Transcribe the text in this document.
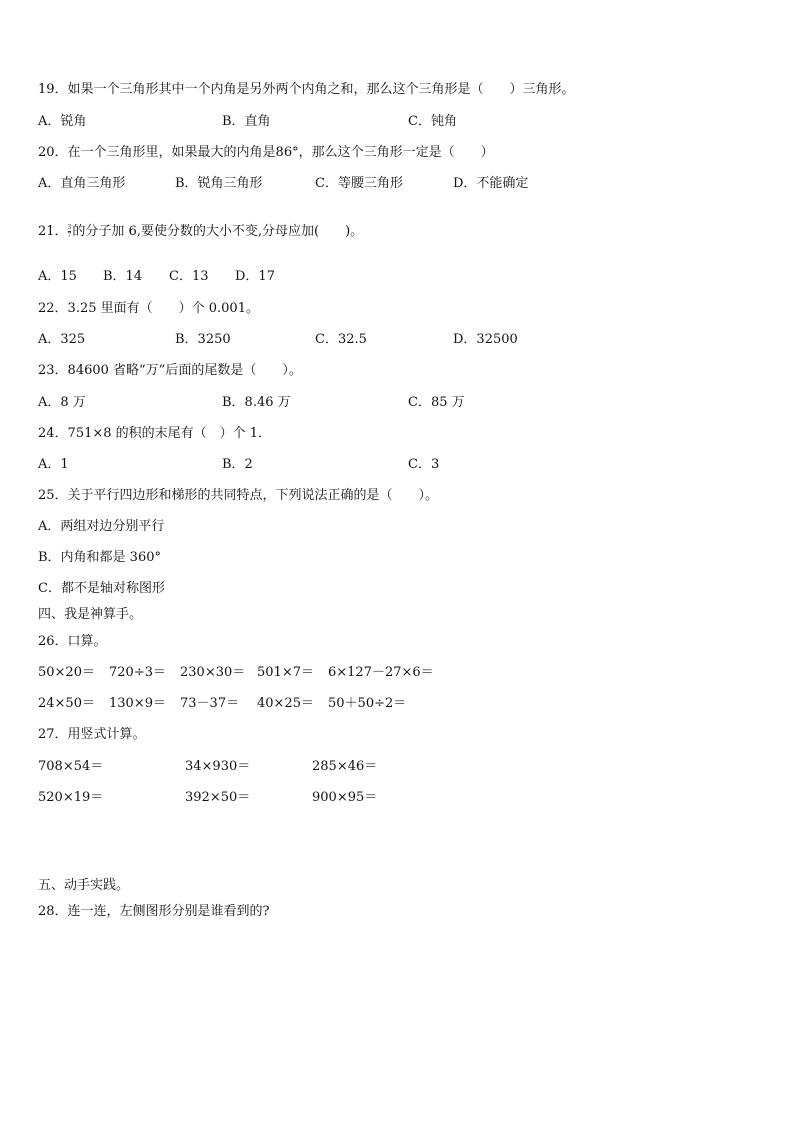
19．如果一个三角形其中一个内角是另外两个内角之和，那么这个三角形是（　　）三角形。
A．锐角	B．直角	C．钝角
20．在一个三角形里，如果最大的内角是86°，那么这个三角形一定是（　　）
A．直角三角形	B．锐角三角形	C．等腰三角形	D．不能确定
21． $\frac{3}{7}$ 的分子加 6,要使分数的大小不变,分母应加(　　)。
A．15 B．14 C．13 D．17
22．3.25 里面有（　　）个 0.001。
A．325	B．3250	C．32.5	D．32500
23．84600 省略“万”后面的尾数是（　　）。
A．8 万	B．8.46 万	C．85 万
24．751×8 的积的末尾有（　）个 1．
A．1	B．2	C．3
25．关于平行四边形和梯形的共同特点，下列说法正确的是（　　）。
A．两组对边分别平行
B．内角和都是 360°
C．都不是轴对称图形
四、我是神算手。
26．口算。
50×20＝ 720÷3＝ 230×30＝ 501×7＝ 6×127－27×6＝
24×50＝ 130×9＝ 73－37＝ 40×25＝ 50＋50÷2＝
27．用竖式计算。
708×54＝	34×930＝	285×46＝
520×19＝	392×50＝	900×95＝
五、动手实践。
28．连一连，左侧图形分别是谁看到的?
